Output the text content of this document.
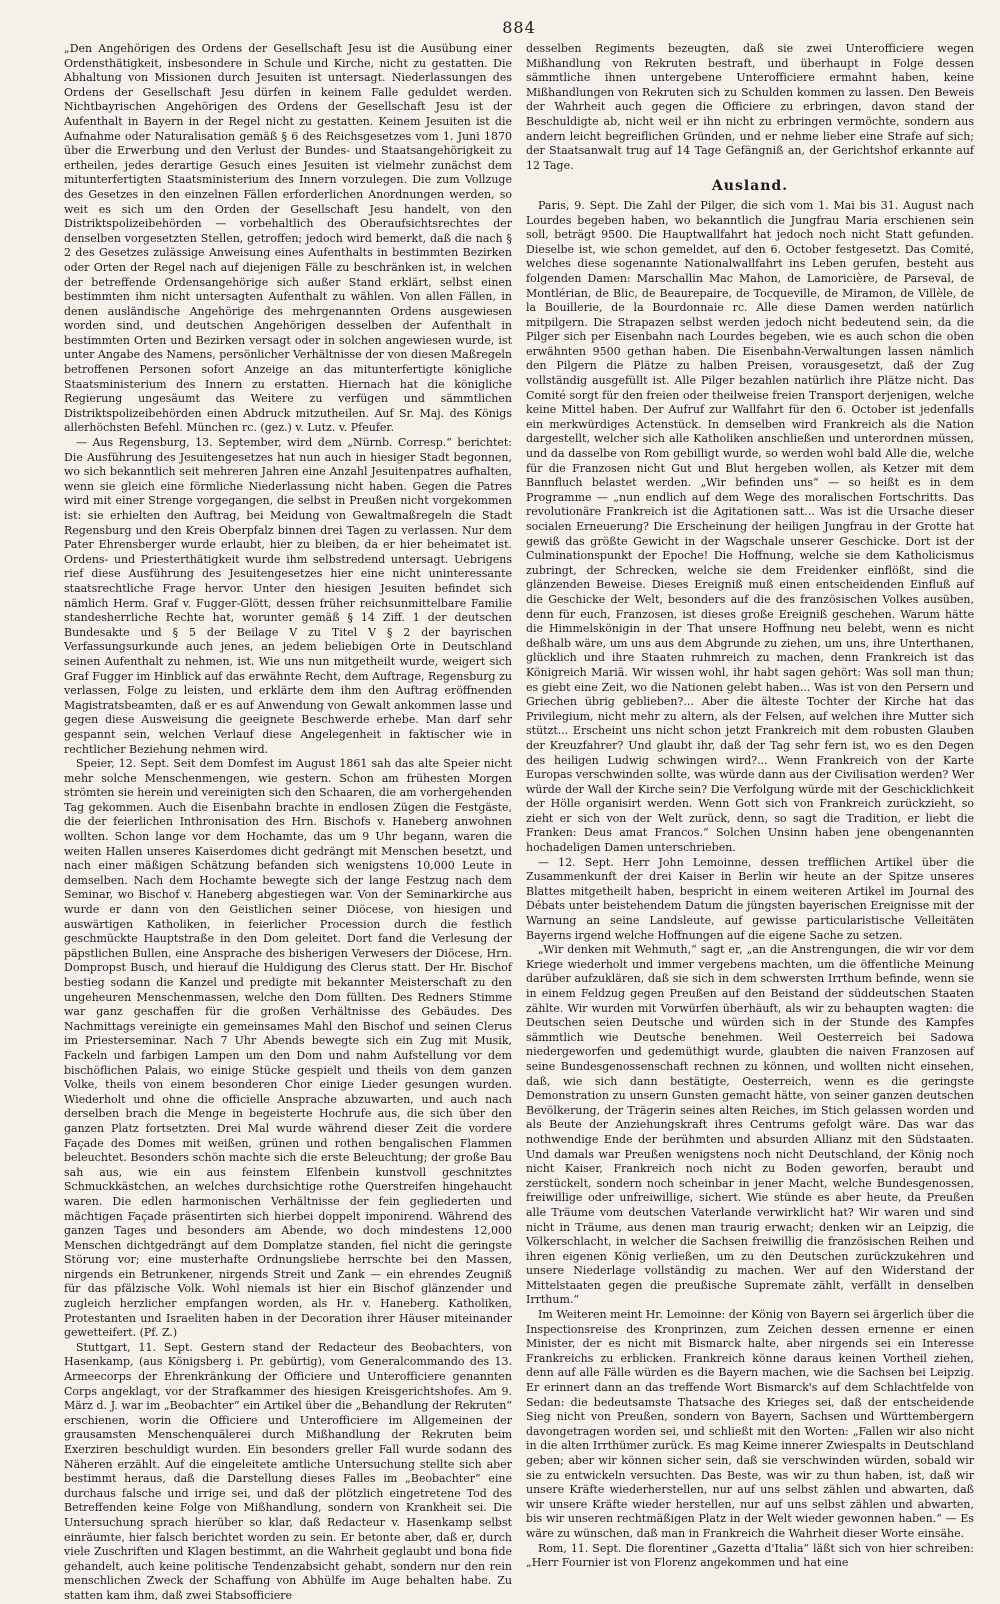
884

„Den Angehörigen des Ordens der Gesellschaft Jesu ist die Ausübung einer Ordensthätigkeit, insbesondere in Schule und Kirche, nicht zu gestatten. Die Abhaltung von Missionen durch Jesuiten ist untersagt. Niederlassungen des Ordens der Gesellschaft Jesu dürfen in keinem Falle geduldet werden. Nichtbayrischen Angehörigen des Ordens der Gesellschaft Jesu ist der Aufenthalt in Bayern in der Regel nicht zu gestatten. Keinem Jesuiten ist die Aufnahme oder Naturalisation gemäß § 6 des Reichsgesetzes vom 1. Juni 1870 über die Erwerbung und den Verlust der Bundes- und Staatsangehörigkeit zu ertheilen, jedes derartige Gesuch eines Jesuiten ist vielmehr zunächst dem mitunterfertigten Staatsministerium des Innern vorzulegen. Die zum Vollzuge des Gesetzes in den einzelnen Fällen erforderlichen Anordnungen werden, so weit es sich um den Orden der Gesellschaft Jesu handelt, von den Distriktspolizeibehörden — vorbehaltlich des Oberaufsichtsrechtes der denselben vorgesetzten Stellen, getroffen; jedoch wird bemerkt, daß die nach § 2 des Gesetzes zulässige Anweisung eines Aufenthalts in bestimmten Bezirken oder Orten der Regel nach auf diejenigen Fälle zu beschränken ist, in welchen der betreffende Ordensangehörige sich außer Stand erklärt, selbst einen bestimmten ihm nicht untersagten Aufenthalt zu wählen. Von allen Fällen, in denen ausländische Angehörige des mehrgenannten Ordens ausgewiesen worden sind, und deutschen Angehörigen desselben der Aufenthalt in bestimmten Orten und Bezirken versagt oder in solchen angewiesen wurde, ist unter Angabe des Namens, persönlicher Verhältnisse der von diesen Maßregeln betroffenen Personen sofort Anzeige an das mitunterfertigte königliche Staatsministerium des Innern zu erstatten. Hiernach hat die königliche Regierung ungesäumt das Weitere zu verfügen und sämmtlichen Distriktspolizeibehörden einen Abdruck mitzutheilen. Auf Sr. Maj. des Königs allerhöchsten Befehl. München rc. (gez.) v. Lutz. v. Pfeufer.

— Aus Regensburg, 13. September, wird dem „Nürnb. Corresp.“ berichtet: Die Ausführung des Jesuitengesetzes hat nun auch in hiesiger Stadt begonnen, wo sich bekanntlich seit mehreren Jahren eine Anzahl Jesuitenpatres aufhalten, wenn sie gleich eine förmliche Niederlassung nicht haben. Gegen die Patres wird mit einer Strenge vorgegangen, die selbst in Preußen nicht vorgekommen ist: sie erhielten den Auftrag, bei Meidung von Gewaltmaßregeln die Stadt Regensburg und den Kreis Oberpfalz binnen drei Tagen zu verlassen. Nur dem Pater Ehrensberger wurde erlaubt, hier zu bleiben, da er hier beheimatet ist. Ordens- und Priesterthätigkeit wurde ihm selbstredend untersagt. Uebrigens rief diese Ausführung des Jesuitengesetzes hier eine nicht uninteressante staatsrechtliche Frage hervor. Unter den hiesigen Jesuiten befindet sich nämlich Herm. Graf v. Fugger-Glött, dessen früher reichsunmittelbare Familie standesherrliche Rechte hat, worunter gemäß § 14 Ziff. 1 der deutschen Bundesakte und § 5 der Beilage V zu Titel V § 2 der bayrischen Verfassungsurkunde auch jenes, an jedem beliebigen Orte in Deutschland seinen Aufenthalt zu nehmen, ist. Wie uns nun mitgetheilt wurde, weigert sich Graf Fugger im Hinblick auf das erwähnte Recht, dem Auftrage, Regensburg zu verlassen, Folge zu leisten, und erklärte dem ihm den Auftrag eröffnenden Magistratsbeamten, daß er es auf Anwendung von Gewalt ankommen lasse und gegen diese Ausweisung die geeignete Beschwerde erhebe. Man darf sehr gespannt sein, welchen Verlauf diese Angelegenheit in faktischer wie in rechtlicher Beziehung nehmen wird.

Speier, 12. Sept. Seit dem Domfest im August 1861 sah das alte Speier nicht mehr solche Menschenmengen, wie gestern. Schon am frühesten Morgen strömten sie herein und vereinigten sich den Schaaren, die am vorhergehenden Tag gekommen. Auch die Eisenbahn brachte in endlosen Zügen die Festgäste, die der feierlichen Inthronisation des Hrn. Bischofs v. Haneberg anwohnen wollten. Schon lange vor dem Hochamte, das um 9 Uhr begann, waren die weiten Hallen unseres Kaiserdomes dicht gedrängt mit Menschen besetzt, und nach einer mäßigen Schätzung befanden sich wenigstens 10,000 Leute in demselben. Nach dem Hochamte bewegte sich der lange Festzug nach dem Seminar, wo Bischof v. Haneberg abgestiegen war. Von der Seminarkirche aus wurde er dann von den Geistlichen seiner Diöcese, von hiesigen und auswärtigen Katholiken, in feierlicher Procession durch die festlich geschmückte Hauptstraße in den Dom geleitet. Dort fand die Verlesung der päpstlichen Bullen, eine Ansprache des bisherigen Verwesers der Diöcese, Hrn. Dompropst Busch, und hierauf die Huldigung des Clerus statt. Der Hr. Bischof bestieg sodann die Kanzel und predigte mit bekannter Meisterschaft zu den ungeheuren Menschenmassen, welche den Dom füllten. Des Redners Stimme war ganz geschaffen für die großen Verhältnisse des Gebäudes. Des Nachmittags vereinigte ein gemeinsames Mahl den Bischof und seinen Clerus im Priesterseminar. Nach 7 Uhr Abends bewegte sich ein Zug mit Musik, Fackeln und farbigen Lampen um den Dom und nahm Aufstellung vor dem bischöflichen Palais, wo einige Stücke gespielt und theils von dem ganzen Volke, theils von einem besonderen Chor einige Lieder gesungen wurden. Wiederholt und ohne die officielle Ansprache abzuwarten, und auch nach derselben brach die Menge in begeisterte Hochrufe aus, die sich über den ganzen Platz fortsetzten. Drei Mal wurde während dieser Zeit die vordere Façade des Domes mit weißen, grünen und rothen bengalischen Flammen beleuchtet. Besonders schön machte sich die erste Beleuchtung; der große Bau sah aus, wie ein aus feinstem Elfenbein kunstvoll geschnitztes Schmuckkästchen, an welches durchsichtige rothe Querstreifen hingehaucht waren. Die edlen harmonischen Verhältnisse der fein gegliederten und mächtigen Façade präsentirten sich hierbei doppelt imponirend. Während des ganzen Tages und besonders am Abende, wo doch mindestens 12,000 Menschen dichtgedrängt auf dem Domplatze standen, fiel nicht die geringste Störung vor; eine musterhafte Ordnungsliebe herrschte bei den Massen, nirgends ein Betrunkener, nirgends Streit und Zank — ein ehrendes Zeugniß für das pfälzische Volk. Wohl niemals ist hier ein Bischof glänzender und zugleich herzlicher empfangen worden, als Hr. v. Haneberg. Katholiken, Protestanten und Israeliten haben in der Decoration ihrer Häuser miteinander gewetteifert. (Pf. Z.)

Stuttgart, 11. Sept. Gestern stand der Redacteur des Beobachters, von Hasenkamp, (aus Königsberg i. Pr. gebürtig), vom Generalcommando des 13. Armeecorps der Ehrenkränkung der Officiere und Unterofficiere genannten Corps angeklagt, vor der Strafkammer des hiesigen Kreisgerichtshofes. Am 9. März d. J. war im „Beobachter“ ein Artikel über die „Behandlung der Rekruten“ erschienen, worin die Officiere und Unterofficiere im Allgemeinen der grausamsten Menschenquälerei durch Mißhandlung der Rekruten beim Exerziren beschuldigt wurden. Ein besonders greller Fall wurde sodann des Näheren erzählt. Auf die eingeleitete amtliche Untersuchung stellte sich aber bestimmt heraus, daß die Darstellung dieses Falles im „Beobachter“ eine durchaus falsche und irrige sei, und daß der plötzlich eingetretene Tod des Betreffenden keine Folge von Mißhandlung, sondern von Krankheit sei. Die Untersuchung sprach hierüber so klar, daß Redacteur v. Hasenkamp selbst einräumte, hier falsch berichtet worden zu sein. Er betonte aber, daß er, durch viele Zuschriften und Klagen bestimmt, an die Wahrheit geglaubt und bona fide gehandelt, auch keine politische Tendenzabsicht gehabt, sondern nur den rein menschlichen Zweck der Schaffung von Abhülfe im Auge behalten habe. Zu statten kam ihm, daß zwei Stabsofficiere

desselben Regiments bezeugten, daß sie zwei Unterofficiere wegen Mißhandlung von Rekruten bestraft, und überhaupt in Folge dessen sämmtliche ihnen untergebene Unterofficiere ermahnt haben, keine Mißhandlungen von Rekruten sich zu Schulden kommen zu lassen. Den Beweis der Wahrheit auch gegen die Officiere zu erbringen, davon stand der Beschuldigte ab, nicht weil er ihn nicht zu erbringen vermöchte, sondern aus andern leicht begreiflichen Gründen, und er nehme lieber eine Strafe auf sich; der Staatsanwalt trug auf 14 Tage Gefängniß an, der Gerichtshof erkannte auf 12 Tage.

Ausland.

Paris, 9. Sept. Die Zahl der Pilger, die sich vom 1. Mai bis 31. August nach Lourdes begeben haben, wo bekanntlich die Jungfrau Maria erschienen sein soll, beträgt 9500. Die Hauptwallfahrt hat jedoch noch nicht Statt gefunden. Dieselbe ist, wie schon gemeldet, auf den 6. October festgesetzt. Das Comité, welches diese sogenannte Nationalwallfahrt ins Leben gerufen, besteht aus folgenden Damen: Marschallin Mac Mahon, de Lamoricière, de Parseval, de Montlérian, de Blic, de Beaurepaire, de Tocqueville, de Miramon, de Villèle, de la Bouillerie, de la Bourdonnaie rc. Alle diese Damen werden natürlich mitpilgern. Die Strapazen selbst werden jedoch nicht bedeutend sein, da die Pilger sich per Eisenbahn nach Lourdes begeben, wie es auch schon die oben erwähnten 9500 gethan haben. Die Eisenbahn-Verwaltungen lassen nämlich den Pilgern die Plätze zu halben Preisen, vorausgesetzt, daß der Zug vollständig ausgefüllt ist. Alle Pilger bezahlen natürlich ihre Plätze nicht. Das Comité sorgt für den freien oder theilweise freien Transport derjenigen, welche keine Mittel haben. Der Aufruf zur Wallfahrt für den 6. October ist jedenfalls ein merkwürdiges Actenstück. In demselben wird Frankreich als die Nation dargestellt, welcher sich alle Katholiken anschließen und unterordnen müssen, und da dasselbe von Rom gebilligt wurde, so werden wohl bald Alle die, welche für die Franzosen nicht Gut und Blut hergeben wollen, als Ketzer mit dem Bannfluch belastet werden. „Wir befinden uns“ — so heißt es in dem Programme — „nun endlich auf dem Wege des moralischen Fortschritts. Das revolutionäre Frankreich ist die Agitationen satt... Was ist die Ursache dieser socialen Erneuerung? Die Erscheinung der heiligen Jungfrau in der Grotte hat gewiß das größte Gewicht in der Wagschale unserer Geschicke. Dort ist der Culminationspunkt der Epoche! Die Hoffnung, welche sie dem Katholicismus zubringt, der Schrecken, welche sie dem Freidenker einflößt, sind die glänzenden Beweise. Dieses Ereigniß muß einen entscheidenden Einfluß auf die Geschicke der Welt, besonders auf die des französischen Volkes ausüben, denn für euch, Franzosen, ist dieses große Ereigniß geschehen. Warum hätte die Himmelskönigin in der That unsere Hoffnung neu belebt, wenn es nicht deßhalb wäre, um uns aus dem Abgrunde zu ziehen, um uns, ihre Unterthanen, glücklich und ihre Staaten ruhmreich zu machen, denn Frankreich ist das Königreich Mariä. Wir wissen wohl, ihr habt sagen gehört: Was soll man thun; es giebt eine Zeit, wo die Nationen gelebt haben... Was ist von den Persern und Griechen übrig geblieben?... Aber die älteste Tochter der Kirche hat das Privilegium, nicht mehr zu altern, als der Felsen, auf welchen ihre Mutter sich stützt... Erscheint uns nicht schon jetzt Frankreich mit dem robusten Glauben der Kreuzfahrer? Und glaubt ihr, daß der Tag sehr fern ist, wo es den Degen des heiligen Ludwig schwingen wird?... Wenn Frankreich von der Karte Europas verschwinden sollte, was würde dann aus der Civilisation werden? Wer würde der Wall der Kirche sein? Die Verfolgung würde mit der Geschicklichkeit der Hölle organisirt werden. Wenn Gott sich von Frankreich zurückzieht, so zieht er sich von der Welt zurück, denn, so sagt die Tradition, er liebt die Franken: Deus amat Francos.“ Solchen Unsinn haben jene obengenannten hochadeligen Damen unterschrieben.

— 12. Sept. Herr John Lemoinne, dessen trefflichen Artikel über die Zusammenkunft der drei Kaiser in Berlin wir heute an der Spitze unseres Blattes mitgetheilt haben, bespricht in einem weiteren Artikel im Journal des Débats unter beistehendem Datum die jüngsten bayerischen Ereignisse mit der Warnung an seine Landsleute, auf gewisse particularistische Velleitäten Bayerns irgend welche Hoffnungen auf die eigene Sache zu setzen.

„Wir denken mit Wehmuth,“ sagt er, „an die Anstrengungen, die wir vor dem Kriege wiederholt und immer vergebens machten, um die öffentliche Meinung darüber aufzuklären, daß sie sich in dem schwersten Irrthum befinde, wenn sie in einem Feldzug gegen Preußen auf den Beistand der süddeutschen Staaten zählte. Wir wurden mit Vorwürfen überhäuft, als wir zu behaupten wagten: die Deutschen seien Deutsche und würden sich in der Stunde des Kampfes sämmtlich wie Deutsche benehmen. Weil Oesterreich bei Sadowa niedergeworfen und gedemüthigt wurde, glaubten die naiven Franzosen auf seine Bundesgenossenschaft rechnen zu können, und wollten nicht einsehen, daß, wie sich dann bestätigte, Oesterreich, wenn es die geringste Demonstration zu unsern Gunsten gemacht hätte, von seiner ganzen deutschen Bevölkerung, der Trägerin seines alten Reiches, im Stich gelassen worden und als Beute der Anziehungskraft ihres Centrums gefolgt wäre. Das war das nothwendige Ende der berühmten und absurden Allianz mit den Südstaaten. Und damals war Preußen wenigstens noch nicht Deutschland, der König noch nicht Kaiser, Frankreich noch nicht zu Boden geworfen, beraubt und zerstückelt, sondern noch scheinbar in jener Macht, welche Bundesgenossen, freiwillige oder unfreiwillige, sichert. Wie stünde es aber heute, da Preußen alle Träume vom deutschen Vaterlande verwirklicht hat? Wir waren und sind nicht in Träume, aus denen man traurig erwacht; denken wir an Leipzig, die Völkerschlacht, in welcher die Sachsen freiwillig die französischen Reihen und ihren eigenen König verließen, um zu den Deutschen zurückzukehren und unsere Niederlage vollständig zu machen. Wer auf den Widerstand der Mittelstaaten gegen die preußische Supremate zählt, verfällt in denselben Irrthum.“

Im Weiteren meint Hr. Lemoinne: der König von Bayern sei ärgerlich über die Inspectionsreise des Kronprinzen, zum Zeichen dessen ernenne er einen Minister, der es nicht mit Bismarck halte, aber nirgends sei ein Interesse Frankreichs zu erblicken. Frankreich könne daraus keinen Vortheil ziehen, denn auf alle Fälle würden es die Bayern machen, wie die Sachsen bei Leipzig. Er erinnert dann an das treffende Wort Bismarck's auf dem Schlachtfelde von Sedan: die bedeutsamste Thatsache des Krieges sei, daß der entscheidende Sieg nicht von Preußen, sondern von Bayern, Sachsen und Württembergern davongetragen worden sei, und schließt mit den Worten: „Fallen wir also nicht in die alten Irrthümer zurück. Es mag Keime innerer Zwiespalts in Deutschland geben; aber wir können sicher sein, daß sie verschwinden würden, sobald wir sie zu entwickeln versuchten. Das Beste, was wir zu thun haben, ist, daß wir unsere Kräfte wiederherstellen, nur auf uns selbst zählen und abwarten, daß wir unsere Kräfte wieder herstellen, nur auf uns selbst zählen und abwarten, bis wir unseren rechtmäßigen Platz in der Welt wieder gewonnen haben.“ — Es wäre zu wünschen, daß man in Frankreich die Wahrheit dieser Worte einsähe.

Rom, 11. Sept. Die florentiner „Gazetta d'Italia“ läßt sich von hier schreiben: „Herr Fournier ist von Florenz angekommen und hat eine
